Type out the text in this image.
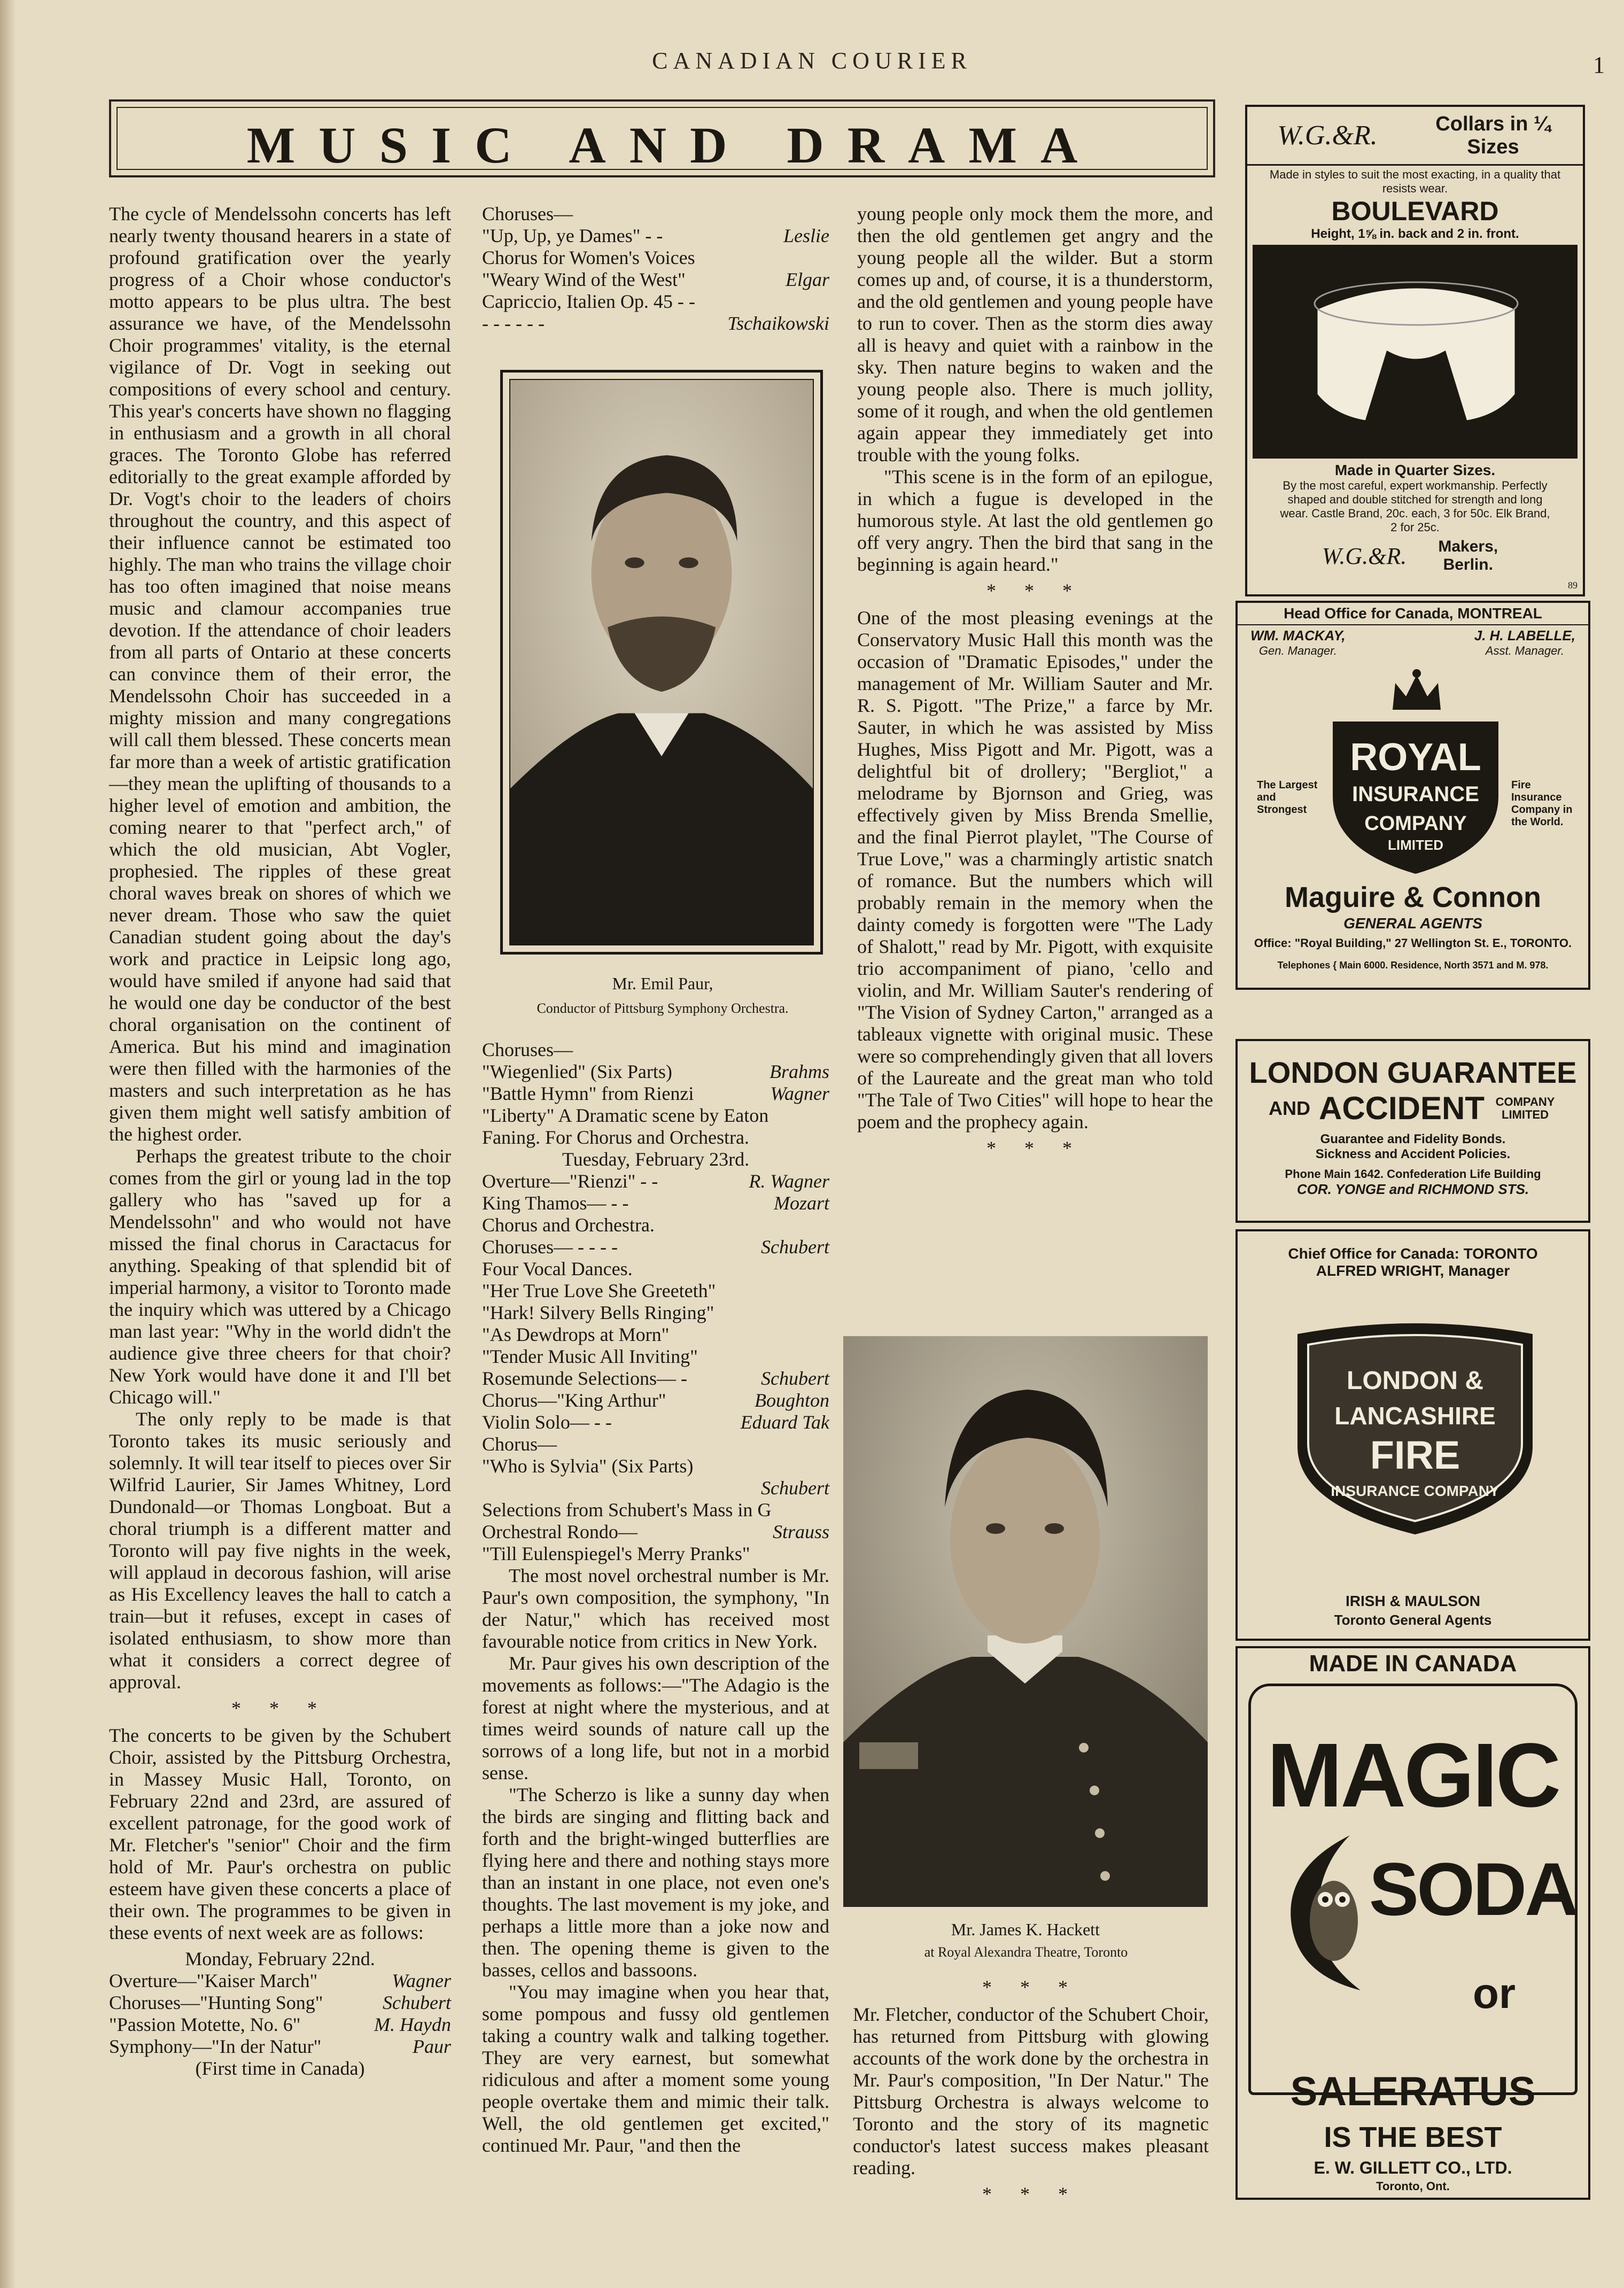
CANADIAN COURIER	1
MUSIC AND DRAMA

The cycle of Mendelssohn concerts has left nearly twenty thousand hearers in a state of profound gratification over the yearly progress of a Choir whose conductor's motto appears to be plus ultra. The best assurance we have, of the Mendelssohn Choir programmes' vitality, is the eternal vigilance of Dr. Vogt in seeking out compositions of every school and century. This year's concerts have shown no flagging in enthusiasm and a growth in all choral graces. The Toronto Globe has referred editorially to the great example afforded by Dr. Vogt's choir to the leaders of choirs throughout the country, and this aspect of their influence cannot be estimated too highly. The man who trains the village choir has too often imagined that noise means music and clamour accompanies true devotion. If the attendance of choir leaders from all parts of Ontario at these concerts can convince them of their error, the Mendelssohn Choir has succeeded in a mighty mission and many congregations will call them blessed. These concerts mean far more than a week of artistic gratification—they mean the uplifting of thousands to a higher level of emotion and ambition, the coming nearer to that "perfect arch," of which the old musician, Abt Vogler, prophesied. The ripples of these great choral waves break on shores of which we never dream. Those who saw the quiet Canadian student going about the day's work and practice in Leipsic long ago, would have smiled if anyone had said that he would one day be conductor of the best choral organisation on the continent of America. But his mind and imagination were then filled with the harmonies of the masters and such interpretation as he has given them might well satisfy ambition of the highest order.

Perhaps the greatest tribute to the choir comes from the girl or young lad in the top gallery who has "saved up for a Mendelssohn" and who would not have missed the final chorus in Caractacus for anything. Speaking of that splendid bit of imperial harmony, a visitor to Toronto made the inquiry which was uttered by a Chicago man last year: "Why in the world didn't the audience give three cheers for that choir? New York would have done it and I'll bet Chicago will."

The only reply to be made is that Toronto takes its music seriously and solemnly. It will tear itself to pieces over Sir Wilfrid Laurier, Sir James Whitney, Lord Dundonald—or Thomas Longboat. But a choral triumph is a different matter and Toronto will pay five nights in the week, will applaud in decorous fashion, will arise as His Excellency leaves the hall to catch a train—but it refuses, except in cases of isolated enthusiasm, to show more than what it considers a correct degree of approval.

* * *

The concerts to be given by the Schubert Choir, assisted by the Pittsburg Orchestra, in Massey Music Hall, Toronto, on February 22nd and 23rd, are assured of excellent patronage, for the good work of Mr. Fletcher's "senior" Choir and the firm hold of Mr. Paur's orchestra on public esteem have given these concerts a place of their own. The programmes to be given in these events of next week are as follows:

Monday, February 22nd.
Overture—"Kaiser March"	Wagner
Choruses—"Hunting Song"	Schubert
"Passion Motette, No. 6"	M. Haydn
Symphony—"In der Natur"	Paur
(First time in Canada)
Choruses—
"Up, Up, ye Dames" - -	Leslie
Chorus for Women's Voices
"Weary Wind of the West"	Elgar
Capriccio, Italien Op. 45 - -
- - - - - -	Tschaikowski
Mr. Emil Paur,
Conductor of Pittsburg Symphony Orchestra.
Choruses—
"Wiegenlied" (Six Parts)	Brahms
"Battle Hymn" from Rienzi	Wagner
"Liberty" A Dramatic scene by Eaton Faning. For Chorus and Orchestra.
Tuesday, February 23rd.
Overture—"Rienzi" - -	R. Wagner
King Thamos— - -	Mozart
Chorus and Orchestra.
Choruses— - - - -	Schubert
Four Vocal Dances.
"Her True Love She Greeteth"
"Hark! Silvery Bells Ringing"
"As Dewdrops at Morn"
"Tender Music All Inviting"
Rosemunde Selections— -	Schubert
Chorus—"King Arthur"	Boughton
Violin Solo— - -	Eduard Tak
Chorus—
"Who is Sylvia" (Six Parts)
Schubert
Selections from Schubert's Mass in G
Orchestral Rondo—	Strauss
"Till Eulenspiegel's Merry Pranks"

The most novel orchestral number is Mr. Paur's own composition, the symphony, "In der Natur," which has received most favourable notice from critics in New York.

Mr. Paur gives his own description of the movements as follows:—"The Adagio is the forest at night where the mysterious, and at times weird sounds of nature call up the sorrows of a long life, but not in a morbid sense.

"The Scherzo is like a sunny day when the birds are singing and flitting back and forth and the bright-winged butterflies are flying here and there and nothing stays more than an instant in one place, not even one's thoughts. The last movement is my joke, and perhaps a little more than a joke now and then. The opening theme is given to the basses, cellos and bassoons.

"You may imagine when you hear that, some pompous and fussy old gentlemen taking a country walk and talking together. They are very earnest, but somewhat ridiculous and after a moment some young people overtake them and mimic their talk. Well, the old gentlemen get excited," continued Mr. Paur, "and then the

young people only mock them the more, and then the old gentlemen get angry and the young people all the wilder. But a storm comes up and, of course, it is a thunderstorm, and the old gentlemen and young people have to run to cover. Then as the storm dies away all is heavy and quiet with a rainbow in the sky. Then nature begins to waken and the young people also. There is much jollity, some of it rough, and when the old gentlemen again appear they immediately get into trouble with the young folks.

"This scene is in the form of an epilogue, in which a fugue is developed in the humorous style. At last the old gentlemen go off very angry. Then the bird that sang in the beginning is again heard."

* * *

One of the most pleasing evenings at the Conservatory Music Hall this month was the occasion of "Dramatic Episodes," under the management of Mr. William Sauter and Mr. R. S. Pigott. "The Prize," a farce by Mr. Sauter, in which he was assisted by Miss Hughes, Miss Pigott and Mr. Pigott, was a delightful bit of drollery; "Bergliot," a melodrame by Bjornson and Grieg, was effectively given by Miss Brenda Smellie, and the final Pierrot playlet, "The Course of True Love," was a charmingly artistic snatch of romance. But the numbers which will probably remain in the memory when the dainty comedy is forgotten were "The Lady of Shalott," read by Mr. Pigott, with exquisite trio accompaniment of piano, 'cello and violin, and Mr. William Sauter's rendering of "The Vision of Sydney Carton," arranged as a tableaux vignette with original music. These were so comprehendingly given that all lovers of the Laureate and the great man who told "The Tale of Two Cities" will hope to hear the poem and the prophecy again.

* * *
Mr. James K. Hackett
at Royal Alexandra Theatre, Toronto
* * *

Mr. Fletcher, conductor of the Schubert Choir, has returned from Pittsburg with glowing accounts of the work done by the orchestra in Mr. Paur's composition, "In Der Natur." The Pittsburg Orchestra is always welcome to Toronto and the story of its magnetic conductor's latest success makes pleasant reading.

* * *
W.G.&R.	Collars in ¼ Sizes
Made in styles to suit the most exacting, in a quality that resists wear.
BOULEVARD
Height, 1⅝ in. back and 2 in. front.
Made in Quarter Sizes.
By the most careful, expert workmanship. Perfectly shaped and double stitched for strength and long wear. Castle Brand, 20c. each, 3 for 50c. Elk Brand, 2 for 25c.
W.G.&R.	Makers, Berlin.
89
Head Office for Canada, MONTREAL
WM. MACKAY,
Gen. Manager.
J. H. LABELLE,
Asst. Manager.
The Largest and Strongest
Fire Insurance Company in the World.
ROYAL
INSURANCE
COMPANY
LIMITED
Maguire & Connon
GENERAL AGENTS
Office: "Royal Building," 27 Wellington St. E., TORONTO.
Telephones { Main 6000. Residence, North 3571 and M. 978.
LONDON GUARANTEE
AND ACCIDENT COMPANY LIMITED
Guarantee and Fidelity Bonds.
Sickness and Accident Policies.
Phone Main 1642. Confederation Life Building
COR. YONGE and RICHMOND STS.
Chief Office for Canada: TORONTO
ALFRED WRIGHT, Manager
LONDON &
LANCASHIRE
FIRE
INSURANCE COMPANY
IRISH & MAULSON
Toronto General Agents
MADE IN CANADA
MAGIC
SODA
or
SALERATUS
IS THE BEST
E. W. GILLETT CO., LTD.
Toronto, Ont.
